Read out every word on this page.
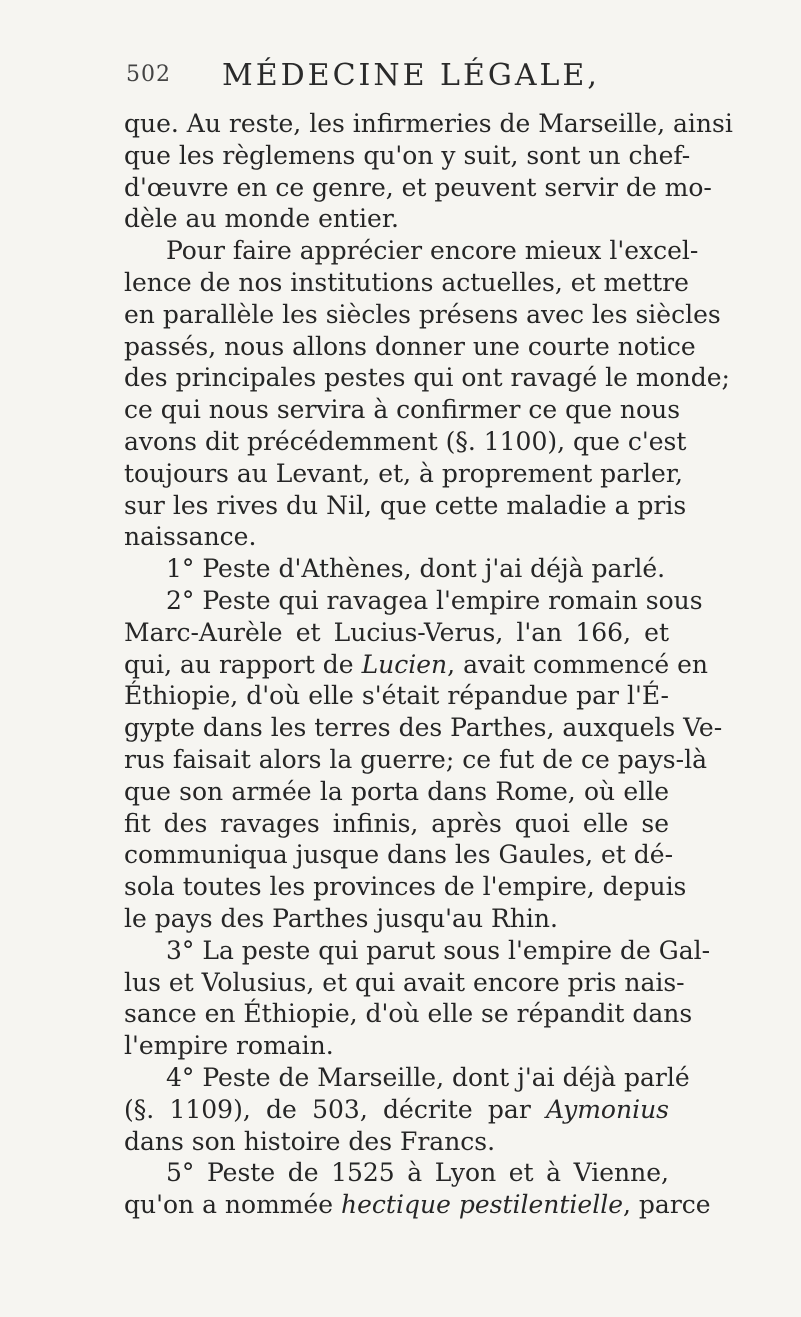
502 MÉDECINE LÉGALE,
que. Au reste, les infirmeries de Marseille, ainsi
que les règlemens qu'on y suit, sont un chef-
d'œuvre en ce genre, et peuvent servir de mo-
dèle au monde entier.
Pour faire apprécier encore mieux l'excel-
lence de nos institutions actuelles, et mettre
en parallèle les siècles présens avec les siècles
passés, nous allons donner une courte notice
des principales pestes qui ont ravagé le monde;
ce qui nous servira à confirmer ce que nous
avons dit précédemment (§. 1100), que c'est
toujours au Levant, et, à proprement parler,
sur les rives du Nil, que cette maladie a pris
naissance.
1° Peste d'Athènes, dont j'ai déjà parlé.
2° Peste qui ravagea l'empire romain sous
Marc-Aurèle et Lucius-Verus, l'an 166, et
qui, au rapport de Lucien, avait commencé en
Éthiopie, d'où elle s'était répandue par l'É-
gypte dans les terres des Parthes, auxquels Ve-
rus faisait alors la guerre; ce fut de ce pays-là
que son armée la porta dans Rome, où elle
fit des ravages infinis, après quoi elle se
communiqua jusque dans les Gaules, et dé-
sola toutes les provinces de l'empire, depuis
le pays des Parthes jusqu'au Rhin.
3° La peste qui parut sous l'empire de Gal-
lus et Volusius, et qui avait encore pris nais-
sance en Éthiopie, d'où elle se répandit dans
l'empire romain.
4° Peste de Marseille, dont j'ai déjà parlé
(§. 1109), de 503, décrite par Aymonius
dans son histoire des Francs.
5° Peste de 1525 à Lyon et à Vienne,
qu'on a nommée hectique pestilentielle, parce
